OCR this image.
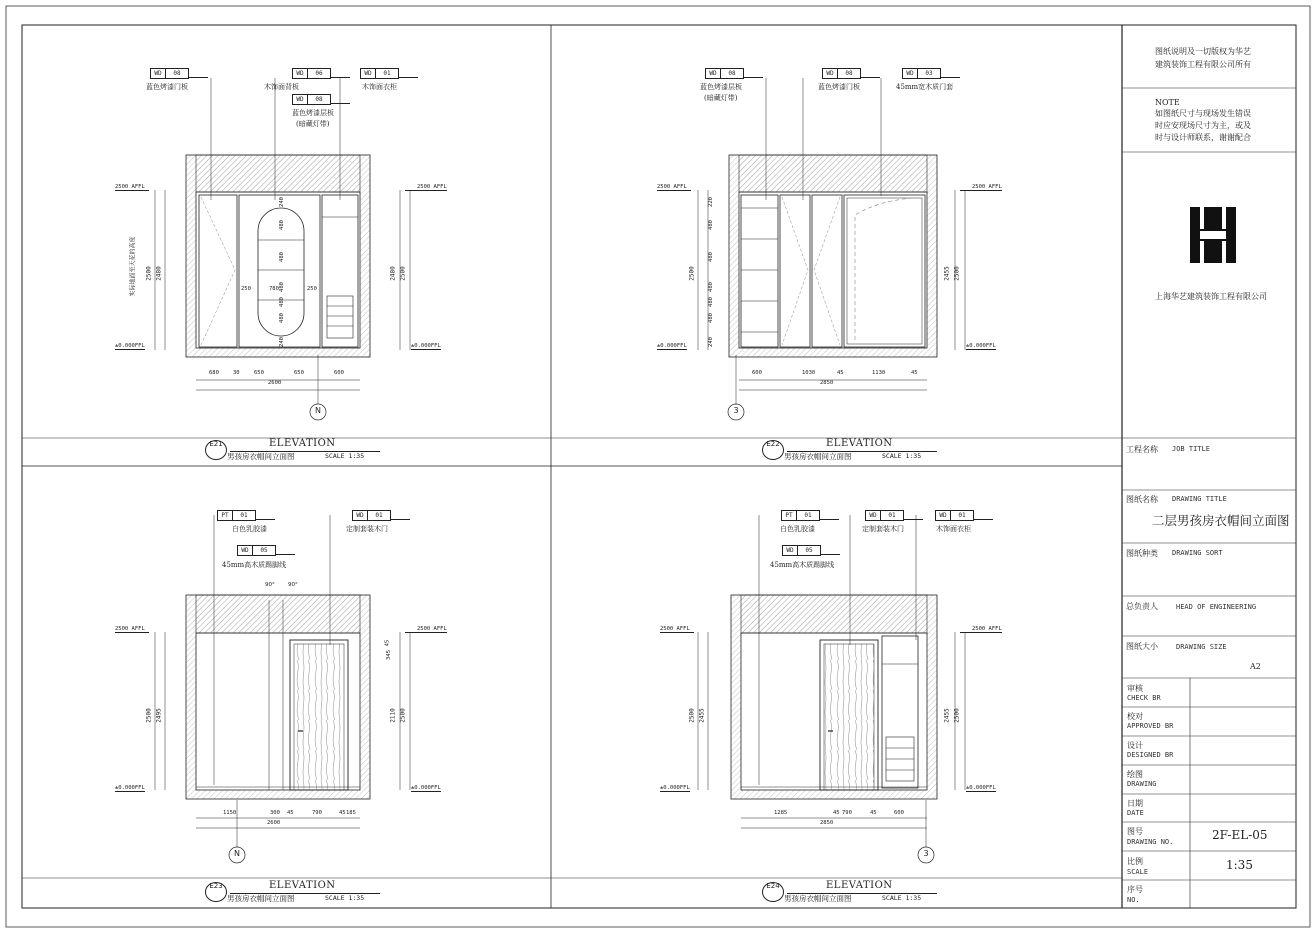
E21	ELEVATION
男孩房衣帽间立面图	SCALE 1:35
WD	08
蓝色烤漆门板
WD	06
木饰面背板
WD	08
蓝色烤漆层板
(暗藏灯带)
WD	01
木饰面衣柜
2500 AFFL	2500 AFFL
±0.000FFL	±0.000FFL
2500 2480	2480 2500
240
480
480
480
480
480
240
250	780	250
680	30	650	650	600
2600
N
实际地面至天花的高度
E22	ELEVATION
男孩房衣帽间立面图	SCALE 1:35
WD	08
蓝色烤漆层板
(暗藏灯带)
WD	08
蓝色烤漆门板
WD	03
45mm宽木质门套
2500 AFFL	2500 AFFL
±0.000FFL	±0.000FFL
2500	2455 2500
220
480
480
480
480
480
240
600	1030	45	1130	45
2850
3
E23	ELEVATION
男孩房衣帽间立面图	SCALE 1:35
PT	01
白色乳胶漆
WD	05
45mm高木质踢脚线
WD	01
定制套装木门
2500 AFFL	2500 AFFL
±0.000FFL	±0.000FFL
2500 2495	2110 2500
1150	300 45	790	45 185
2600
N
90° 90°
45
345
E24	ELEVATION
男孩房衣帽间立面图	SCALE 1:35
PT	01
白色乳胶漆
WD	05
45mm高木质踢脚线
WD	01
定制套装木门
WD	01
木饰面衣柜
2500 AFFL	2500 AFFL
±0.000FFL	±0.000FFL
2500 2455	2455 2500
1285	45 790	45	600
2850
3
图纸说明及一切版权为华艺
建筑装饰工程有限公司所有
NOTE
如图纸尺寸与现场发生错误
时应安现场尺寸为主，或及
时与设计师联系，谢谢配合
上海华艺建筑装饰工程有限公司
工程名称 JOB TITLE
图纸名称 DRAWING TITLE
二层男孩房衣帽间立面图
图纸种类 DRAWING SORT
总负责人	HEAD OF ENGINEERING
图纸大小	DRAWING SIZE
A2
审核
CHECK BR
校对
APPROVED BR
设计
DESIGNED BR
绘图
DRAWING
日期
DATE
图号
DRAWING NO.	2F-EL-05
比例
SCALE	1:35
序号
NO.
